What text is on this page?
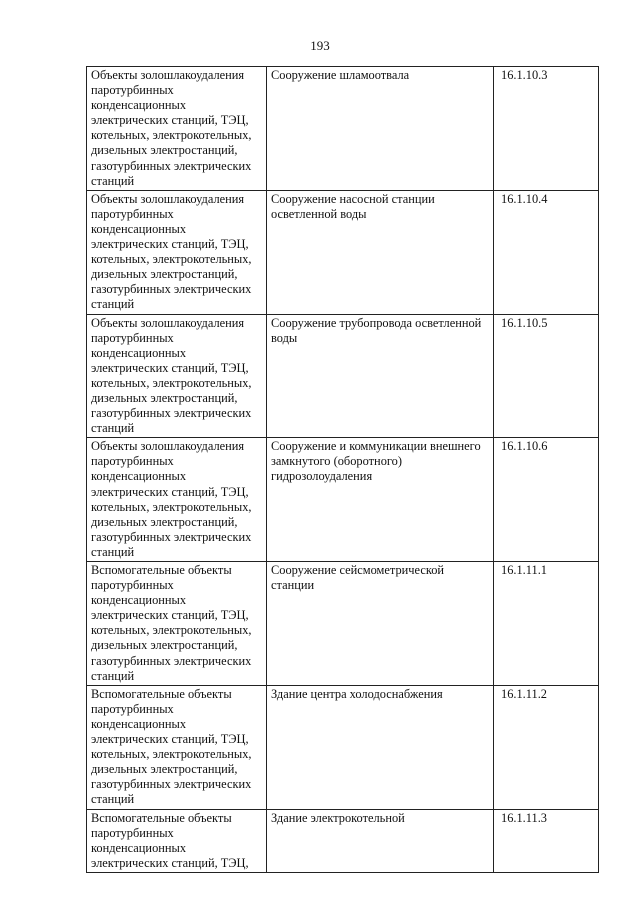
193
Объекты золошлакоудаления паротурбинных конденсационных электрических станций, ТЭЦ, котельных, электрокотельных, дизельных электростанций, газотурбинных электрических станций	Сооружение шламоотвала	16.1.10.3
Объекты золошлакоудаления паротурбинных конденсационных электрических станций, ТЭЦ, котельных, электрокотельных, дизельных электростанций, газотурбинных электрических станций	Сооружение насосной станции осветленной воды	16.1.10.4
Объекты золошлакоудаления паротурбинных конденсационных электрических станций, ТЭЦ, котельных, электрокотельных, дизельных электростанций, газотурбинных электрических станций	Сооружение трубопровода осветленной воды	16.1.10.5
Объекты золошлакоудаления паротурбинных конденсационных электрических станций, ТЭЦ, котельных, электрокотельных, дизельных электростанций, газотурбинных электрических станций	Сооружение и коммуникации внешнего замкнутого (оборотного) гидрозолоудаления	16.1.10.6
Вспомогательные объекты паротурбинных конденсационных электрических станций, ТЭЦ, котельных, электрокотельных, дизельных электростанций, газотурбинных электрических станций	Сооружение сейсмометрической станции	16.1.11.1
Вспомогательные объекты паротурбинных конденсационных электрических станций, ТЭЦ, котельных, электрокотельных, дизельных электростанций, газотурбинных электрических станций	Здание центра холодоснабжения	16.1.11.2
Вспомогательные объекты паротурбинных конденсационных электрических станций, ТЭЦ,	Здание электрокотельной	16.1.11.3
